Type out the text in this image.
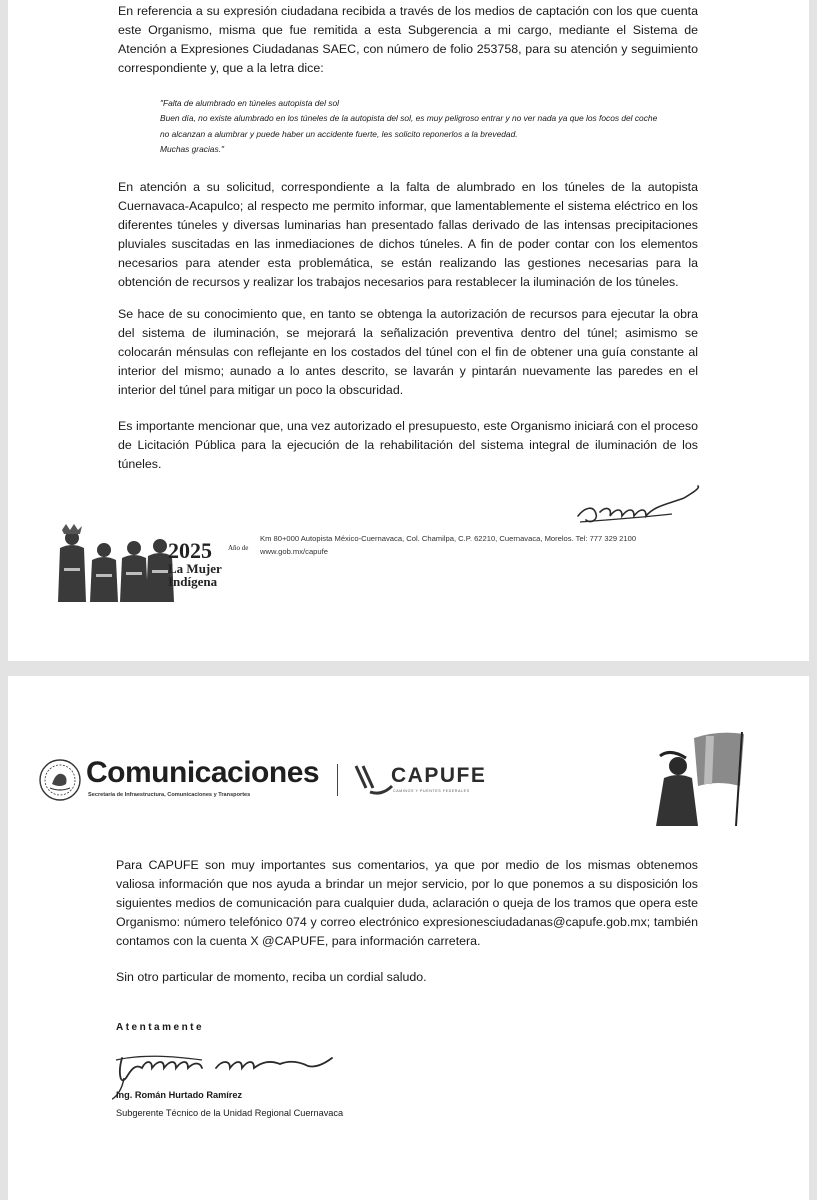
En referencia a su expresión ciudadana recibida a través de los medios de captación con los que cuenta este Organismo, misma que fue remitida a esta Subgerencia a mi cargo, mediante el Sistema de Atención a Expresiones Ciudadanas SAEC, con número de folio 253758, para su atención y seguimiento correspondiente y, que a la letra dice:

"Falta de alumbrado en túneles autopista del sol

Buen día, no existe alumbrado en los túneles de la autopista del sol, es muy peligroso entrar y no ver nada ya que los focos del coche no alcanzan a alumbrar y puede haber un accidente fuerte, les solicito reponerlos a la brevedad.

Muchas gracias."

En atención a su solicitud, correspondiente a la falta de alumbrado en los túneles de la autopista Cuernavaca-Acapulco; al respecto me permito informar, que lamentablemente el sistema eléctrico en los diferentes túneles y diversas luminarias han presentado fallas derivado de las intensas precipitaciones pluviales suscitadas en las inmediaciones de dichos túneles. A fin de poder contar con los elementos necesarios para atender esta problemática, se están realizando las gestiones necesarias para la obtención de recursos y realizar los trabajos necesarios para restablecer la iluminación de los túneles.

Se hace de su conocimiento que, en tanto se obtenga la autorización de recursos para ejecutar la obra del sistema de iluminación, se mejorará la señalización preventiva dentro del túnel; asimismo se colocarán ménsulas con reflejante en los costados del túnel con el fin de obtener una guía constante al interior del mismo; aunado a lo antes descrito, se lavarán y pintarán nuevamente las paredes en el interior del túnel para mitigar un poco la obscuridad.

Es importante mencionar que, una vez autorizado el presupuesto, este Organismo iniciará con el proceso de Licitación Pública para la ejecución de la rehabilitación del sistema integral de iluminación de los túneles.

2025	Año de
La Mujer
Indígena
Km 80+000 Autopista México-Cuernavaca, Col. Chamilpa, C.P. 62210, Cuernavaca, Morelos. Tel: 777 329 2100
www.gob.mx/capufe
Comunicaciones
Secretaría de Infraestructura, Comunicaciones y Transportes
CAPUFE
CAMINOS Y PUENTES FEDERALES

Para CAPUFE son muy importantes sus comentarios, ya que por medio de los mismas obtenemos valiosa información que nos ayuda a brindar un mejor servicio, por lo que ponemos a su disposición los siguientes medios de comunicación para cualquier duda, aclaración o queja de los tramos que opera este Organismo: número telefónico 074 y correo electrónico expresionesciudadanas@capufe.gob.mx; también contamos con la cuenta X @CAPUFE, para información carretera.

Sin otro particular de momento, reciba un cordial saludo.

Atentamente
Ing. Román Hurtado Ramírez
Subgerente Técnico de la Unidad Regional Cuernavaca
